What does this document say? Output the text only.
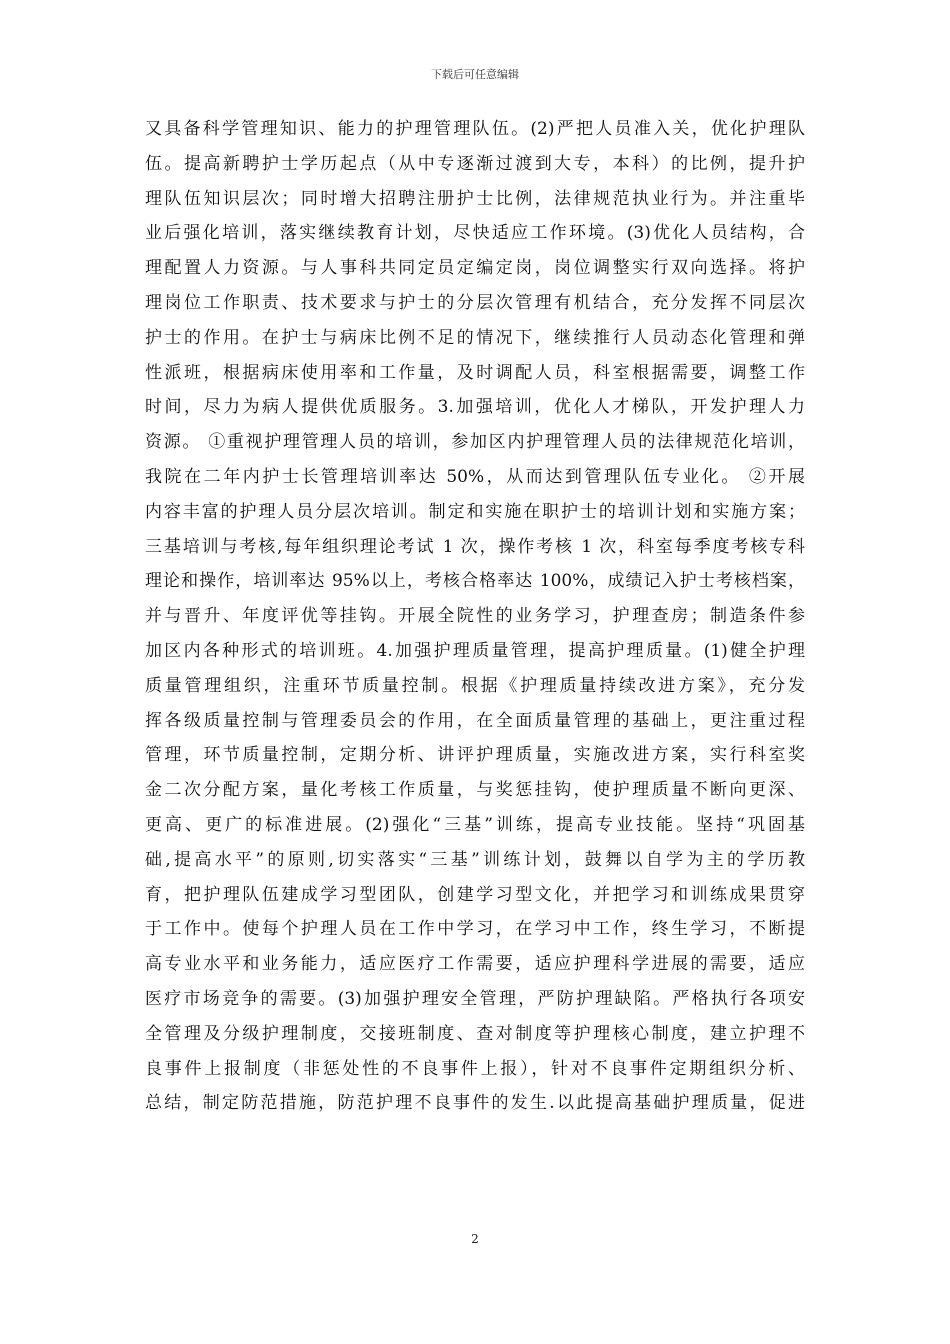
下载后可任意编辑
又具备科学管理知识、能力的护理管理队伍。(2)严把人员准入关，优化护理队
伍。提高新聘护士学历起点（从中专逐渐过渡到大专，本科）的比例，提升护
理队伍知识层次；同时增大招聘注册护士比例，法律规范执业行为。并注重毕
业后强化培训，落实继续教育计划，尽快适应工作环境。(3)优化人员结构，合
理配置人力资源。与人事科共同定员定编定岗，岗位调整实行双向选择。将护
理岗位工作职责、技术要求与护士的分层次管理有机结合，充分发挥不同层次
护士的作用。在护士与病床比例不足的情况下，继续推行人员动态化管理和弹
性派班，根据病床使用率和工作量，及时调配人员，科室根据需要，调整工作
时间，尽力为病人提供优质服务。3.加强培训，优化人才梯队，开发护理人力
资源。 ①重视护理管理人员的培训，参加区内护理管理人员的法律规范化培训，
我院在二年内护士长管理培训率达 50%，从而达到管理队伍专业化。 ②开展
内容丰富的护理人员分层次培训。制定和实施在职护士的培训计划和实施方案；
三基培训与考核,每年组织理论考试 1 次，操作考核 1 次，科室每季度考核专科
理论和操作，培训率达 95%以上，考核合格率达 100%，成绩记入护士考核档案，
并与晋升、年度评优等挂钩。开展全院性的业务学习，护理查房；制造条件参
加区内各种形式的培训班。4.加强护理质量管理，提高护理质量。(1)健全护理
质量管理组织，注重环节质量控制。根据《护理质量持续改进方案》，充分发
挥各级质量控制与管理委员会的作用，在全面质量管理的基础上，更注重过程
管理，环节质量控制，定期分析、讲评护理质量，实施改进方案，实行科室奖
金二次分配方案，量化考核工作质量，与奖惩挂钩，使护理质量不断向更深、
更高、更广的标准进展。(2)强化“三基”训练，提高专业技能。坚持“巩固基
础,提高水平”的原则,切实落实“三基”训练计划，鼓舞以自学为主的学历教
育，把护理队伍建成学习型团队，创建学习型文化，并把学习和训练成果贯穿
于工作中。使每个护理人员在工作中学习，在学习中工作，终生学习，不断提
高专业水平和业务能力，适应医疗工作需要，适应护理科学进展的需要，适应
医疗市场竞争的需要。(3)加强护理安全管理，严防护理缺陷。严格执行各项安
全管理及分级护理制度，交接班制度、查对制度等护理核心制度，建立护理不
良事件上报制度（非惩处性的不良事件上报），针对不良事件定期组织分析、
总结，制定防范措施，防范护理不良事件的发生.以此提高基础护理质量，促进
2
